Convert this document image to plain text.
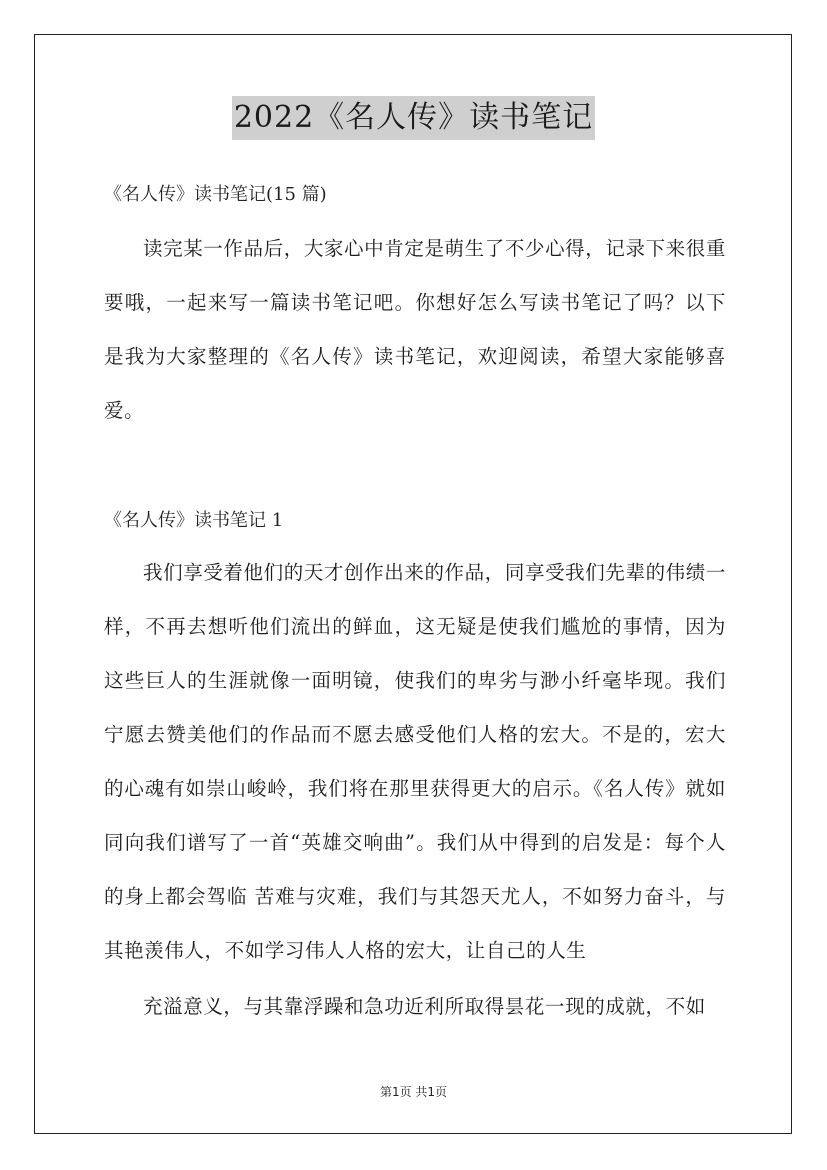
2022《名人传》读书笔记
《名人传》读书笔记(15 篇)

读完某一作品后，大家心中肯定是萌生了不少心得，记录下来很重要哦，一起来写一篇读书笔记吧。你想好怎么写读书笔记了吗？以下是我为大家整理的《名人传》读书笔记，欢迎阅读，希望大家能够喜爱。

《名人传》读书笔记 1

我们享受着他们的天才创作出来的作品，同享受我们先辈的伟绩一样，不再去想听他们流出的鲜血，这无疑是使我们尴尬的事情，因为这些巨人的生涯就像一面明镜，使我们的卑劣与渺小纤毫毕现。我们宁愿去赞美他们的作品而不愿去感受他们人格的宏大。不是的，宏大的心魂有如崇山峻岭，我们将在那里获得更大的启示。《名人传》就如同向我们谱写了一首“英雄交响曲”。我们从中得到的启发是：每个人的身上都会驾临 苦难与灾难，我们与其怨天尤人，不如努力奋斗，与其艳羡伟人，不如学习伟人人格的宏大，让自己的人生

充溢意义，与其靠浮躁和急功近利所取得昙花一现的成就，不如

第1页 共1页
